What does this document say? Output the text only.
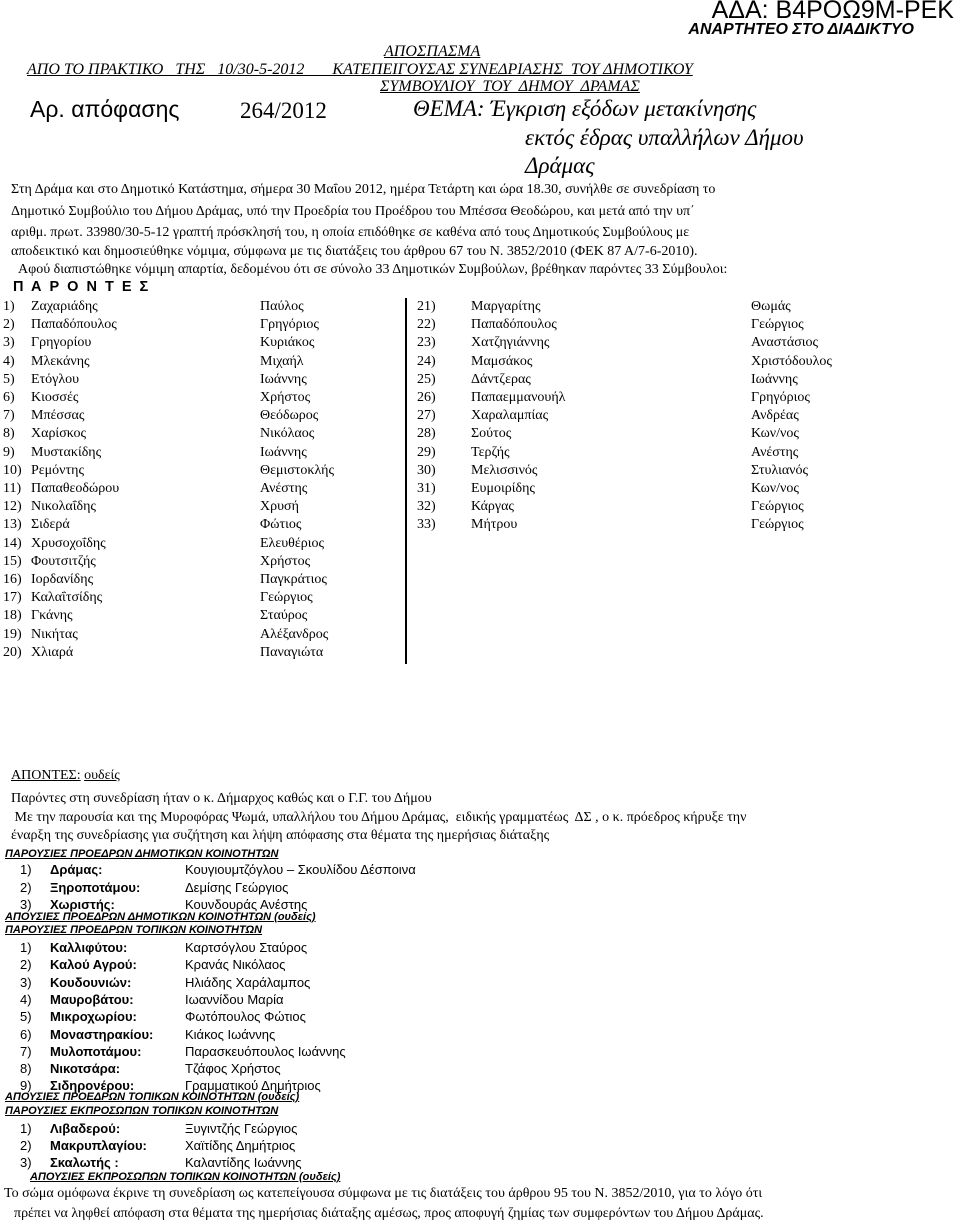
ΑΔΑ: Β4ΡΟΩ9Μ-ΡΕΚ
ΑΝΑΡΤΗΤΕΟ ΣΤΟ ΔΙΑΔΙΚΤΥΟ
ΑΠΟΣΠΑΣΜΑ
ΑΠΟ ΤΟ ΠΡΑΚΤΙΚΟ   ΤΗΣ   10/30-5-2012       ΚΑΤΕΠΕΙΓΟΥΣΑΣ ΣΥΝΕΔΡΙΑΣΗΣ  ΤΟΥ ΔΗΜΟΤΙΚΟΥ
ΣΥΜΒΟΥΛΙΟΥ  ΤΟΥ  ΔΗΜΟΥ  ΔΡΑΜΑΣ
Αρ. απόφασης	264/2012	ΘΕΜΑ: Έγκριση εξόδων μετακίνησης
εκτός έδρας υπαλλήλων Δήμου
Δράμας
Στη Δράμα και στο Δημοτικό Κατάστημα, σήμερα 30 Μαΐου 2012, ημέρα Τετάρτη και ώρα 18.30, συνήλθε σε συνεδρίαση το
Δημοτικό Συμβούλιο του Δήμου Δράμας, υπό την Προεδρία του Προέδρου του Μπέσσα Θεοδώρου, και μετά από την υπ΄
αριθμ. πρωτ. 33980/30-5-12 γραπτή πρόσκλησή του, η οποία επιδόθηκε σε καθένα από τους Δημοτικούς Συμβούλους με
αποδεικτικό και δημοσιεύθηκε νόμιμα, σύμφωνα με τις διατάξεις του άρθρου 67 του Ν. 3852/2010 (ΦΕΚ 87 Α/7-6-2010).
Αφού διαπιστώθηκε νόμιμη απαρτία, δεδομένου ότι σε σύνολο 33 Δημοτικών Συμβούλων, βρέθηκαν παρόντες 33 Σύμβουλοι:
Π Α Ρ Ο Ν Τ Ε Σ
1) Ζαχαριάδης	Παύλος
2) Παπαδόπουλος	Γρηγόριος
3) Γρηγορίου	Κυριάκος
4) Μλεκάνης	Μιχαήλ
5) Ετόγλου	Ιωάννης
6) Κιοσσές	Χρήστος
7) Μπέσσας	Θεόδωρος
8) Χαρίσκος	Νικόλαος
9) Μυστακίδης	Ιωάννης
10) Ρεμόντης	Θεμιστοκλής
11) Παπαθεοδώρου	Ανέστης
12) Νικολαΐδης	Χρυσή
13) Σιδερά	Φώτιος
14) Χρυσοχοΐδης	Ελευθέριος
15) Φουτσιτζής	Χρήστος
16) Ιορδανίδης	Παγκράτιος
17) Καλαΐτσίδης	Γεώργιος
18) Γκάνης	Σταύρος
19) Νικήτας	Αλέξανδρος
20) Χλιαρά	Παναγιώτα
21)	Μαργαρίτης	Θωμάς
22)	Παπαδόπουλος	Γεώργιος
23)	Χατζηγιάννης	Αναστάσιος
24)	Μαμσάκος	Χριστόδουλος
25)	Δάντζερας	Ιωάννης
26)	Παπαεμμανουήλ	Γρηγόριος
27)	Χαραλαμπίας	Ανδρέας
28)	Σούτος	Κων/νος
29)	Τερζής	Ανέστης
30)	Μελισσινός	Στυλιανός
31)	Ευμοιρίδης	Κων/νος
32)	Κάργας	Γεώργιος
33)	Μήτρου	Γεώργιος
ΑΠΟΝΤΕΣ: ουδείς
Παρόντες στη συνεδρίαση ήταν ο κ. Δήμαρχος καθώς και ο Γ.Γ. του Δήμου
Με την παρουσία και της Μυροφόρας Ψωμά, υπαλλήλου του Δήμου Δράμας,  ειδικής γραμματέως  ΔΣ , ο κ. πρόεδρος κήρυξε την
έναρξη της συνεδρίασης για συζήτηση και λήψη απόφασης στα θέματα της ημερήσιας διάταξης
ΠΑΡΟΥΣΙΕΣ ΠΡΟΕΔΡΩΝ ΔΗΜΟΤΙΚΩΝ ΚΟΙΝΟΤΗΤΩΝ
1) Δράμας:	Κουγιουμτζόγλου – Σκουλίδου Δέσποινα
2) Ξηροποτάμου:	Δεμίσης Γεώργιος
3) Χωριστής:	Κουνδουράς Ανέστης
ΑΠΟΥΣΙΕΣ ΠΡΟΕΔΡΩΝ ΔΗΜΟΤΙΚΩΝ ΚΟΙΝΟΤΗΤΩΝ (ουδείς)
ΠΑΡΟΥΣΙΕΣ ΠΡΟΕΔΡΩΝ ΤΟΠΙΚΩΝ ΚΟΙΝΟΤΗΤΩΝ
1) Καλλιφύτου:	Καρτσόγλου Σταύρος
2) Καλού Αγρού:	Κρανάς Νικόλαος
3) Κουδουνιών:	Ηλιάδης Χαράλαμπος
4) Μαυροβάτου:	Ιωαννίδου Μαρία
5) Μικροχωρίου:	Φωτόπουλος Φώτιος
6) Μοναστηρακίου: Κιάκος Ιωάννης
7) Μυλοποτάμου:	Παρασκευόπουλος Ιωάννης
8) Νικοτσάρα:	Τζάφος Χρήστος
9) Σιδηρονέρου:	Γραμματικού Δημήτριος
ΑΠΟΥΣΙΕΣ ΠΡΟΕΔΡΩΝ ΤΟΠΙΚΩΝ ΚΟΙΝΟΤΗΤΩΝ (ουδείς)
ΠΑΡΟΥΣΙΕΣ ΕΚΠΡΟΣΩΠΩΝ ΤΟΠΙΚΩΝ ΚΟΙΝΟΤΗΤΩΝ
1) Λιβαδερού:	Ξυγιντζής Γεώργιος
2) Μακρυπλαγίου:	Χαϊτίδης Δημήτριος
3) Σκαλωτής :	Καλαντίδης Ιωάννης
ΑΠΟΥΣΙΕΣ ΕΚΠΡΟΣΩΠΩΝ ΤΟΠΙΚΩΝ ΚΟΙΝΟΤΗΤΩΝ (ουδείς)
Το σώμα ομόφωνα έκρινε τη συνεδρίαση ως κατεπείγουσα σύμφωνα με τις διατάξεις του άρθρου 95 του Ν. 3852/2010, για το λόγο ότι
πρέπει να ληφθεί απόφαση στα θέματα της ημερήσιας διάταξης αμέσως, προς αποφυγή ζημίας των συμφερόντων του Δήμου Δράμας.
